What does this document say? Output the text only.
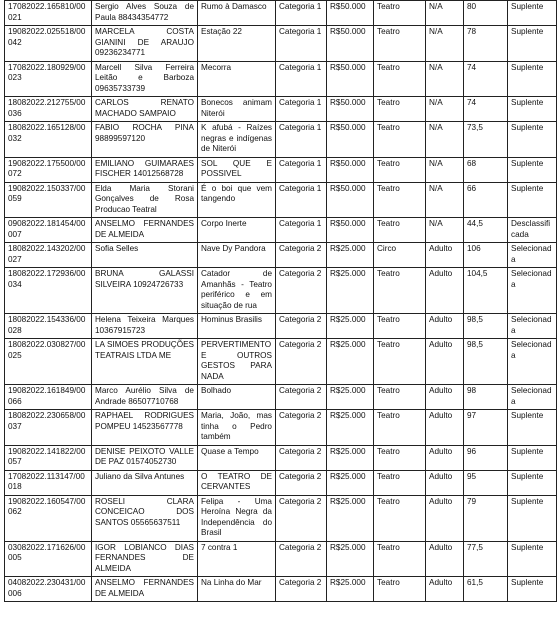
17082022.165810/00021	Sergio Alves Souza de Paula 88434354772	Rumo à Damasco	Categoria 1	R$50.000	Teatro	N/A	80	Suplente
19082022.025518/00042	MARCELA COSTA GIANINI DE ARAUJO 09236234771	Estação 22	Categoria 1	R$50.000	Teatro	N/A	78	Suplente
17082022.180929/00023	Marcell Silva Ferreira Leitão e Barboza 09635733739	Mecorra	Categoria 1	R$50.000	Teatro	N/A	74	Suplente
18082022.212755/00036	CARLOS RENATO MACHADO SAMPAIO	Bonecos animam Niterói	Categoria 1	R$50.000	Teatro	N/A	74	Suplente
18082022.165128/00032	FABIO ROCHA PINA 98899597120	K afubá - Raízes negras e indígenas de Niterói	Categoria 1	R$50.000	Teatro	N/A	73,5	Suplente
19082022.175500/00072	EMILIANO GUIMARAES FISCHER 14012568728	SOL QUE E POSSIVEL	Categoria 1	R$50.000	Teatro	N/A	68	Suplente
19082022.150337/00059	Elda Maria Storani Gonçalves de Rosa Producao Teatral	É o boi que vem tangendo	Categoria 1	R$50.000	Teatro	N/A	66	Suplente
09082022.181454/00007	ANSELMO FERNANDES DE ALMEIDA	Corpo Inerte	Categoria 1	R$50.000	Teatro	N/A	44,5	Desclassificada
18082022.143202/00027	Sofia Selles	Nave Dy Pandora	Categoria 2	R$25.000	Circo	Adulto	106	Selecionada
18082022.172936/00034	BRUNA GALASSI SILVEIRA 10924726733	Catador de Amanhãs - Teatro periférico e em situação de rua	Categoria 2	R$25.000	Teatro	Adulto	104,5	Selecionada
18082022.154336/00028	Helena Teixeira Marques 10367915723	Hominus Brasilis	Categoria 2	R$25.000	Teatro	Adulto	98,5	Selecionada
18082022.030827/00025	LA SIMOES PRODUÇÕES TEATRAIS LTDA ME	PERVERTIMENTO E OUTROS GESTOS PARA NADA	Categoria 2	R$25.000	Teatro	Adulto	98,5	Selecionada
19082022.161849/00066	Marco Aurélio Silva de Andrade 86507710768	Bolhado	Categoria 2	R$25.000	Teatro	Adulto	98	Selecionada
18082022.230658/00037	RAPHAEL RODRIGUES POMPEU 14523567778	Maria, João, mas tinha o Pedro também	Categoria 2	R$25.000	Teatro	Adulto	97	Suplente
19082022.141822/00057	DENISE PEIXOTO VALLE DE PAZ 01574052730	Quase a Tempo	Categoria 2	R$25.000	Teatro	Adulto	96	Suplente
17082022.113147/00018	Juliano da Silva Antunes	O TEATRO DE CERVANTES	Categoria 2	R$25.000	Teatro	Adulto	95	Suplente
19082022.160547/00062	ROSELI CLARA CONCEICAO DOS SANTOS 05565637511	Felipa - Uma Heroína Negra da Independência do Brasil	Categoria 2	R$25.000	Teatro	Adulto	79	Suplente
03082022.171626/00005	IGOR LOBIANCO DIAS FERNANDES DE ALMEIDA	7 contra 1	Categoria 2	R$25.000	Teatro	Adulto	77,5	Suplente
04082022.230431/00006	ANSELMO FERNANDES DE ALMEIDA	Na Linha do Mar	Categoria 2	R$25.000	Teatro	Adulto	61,5	Suplente
